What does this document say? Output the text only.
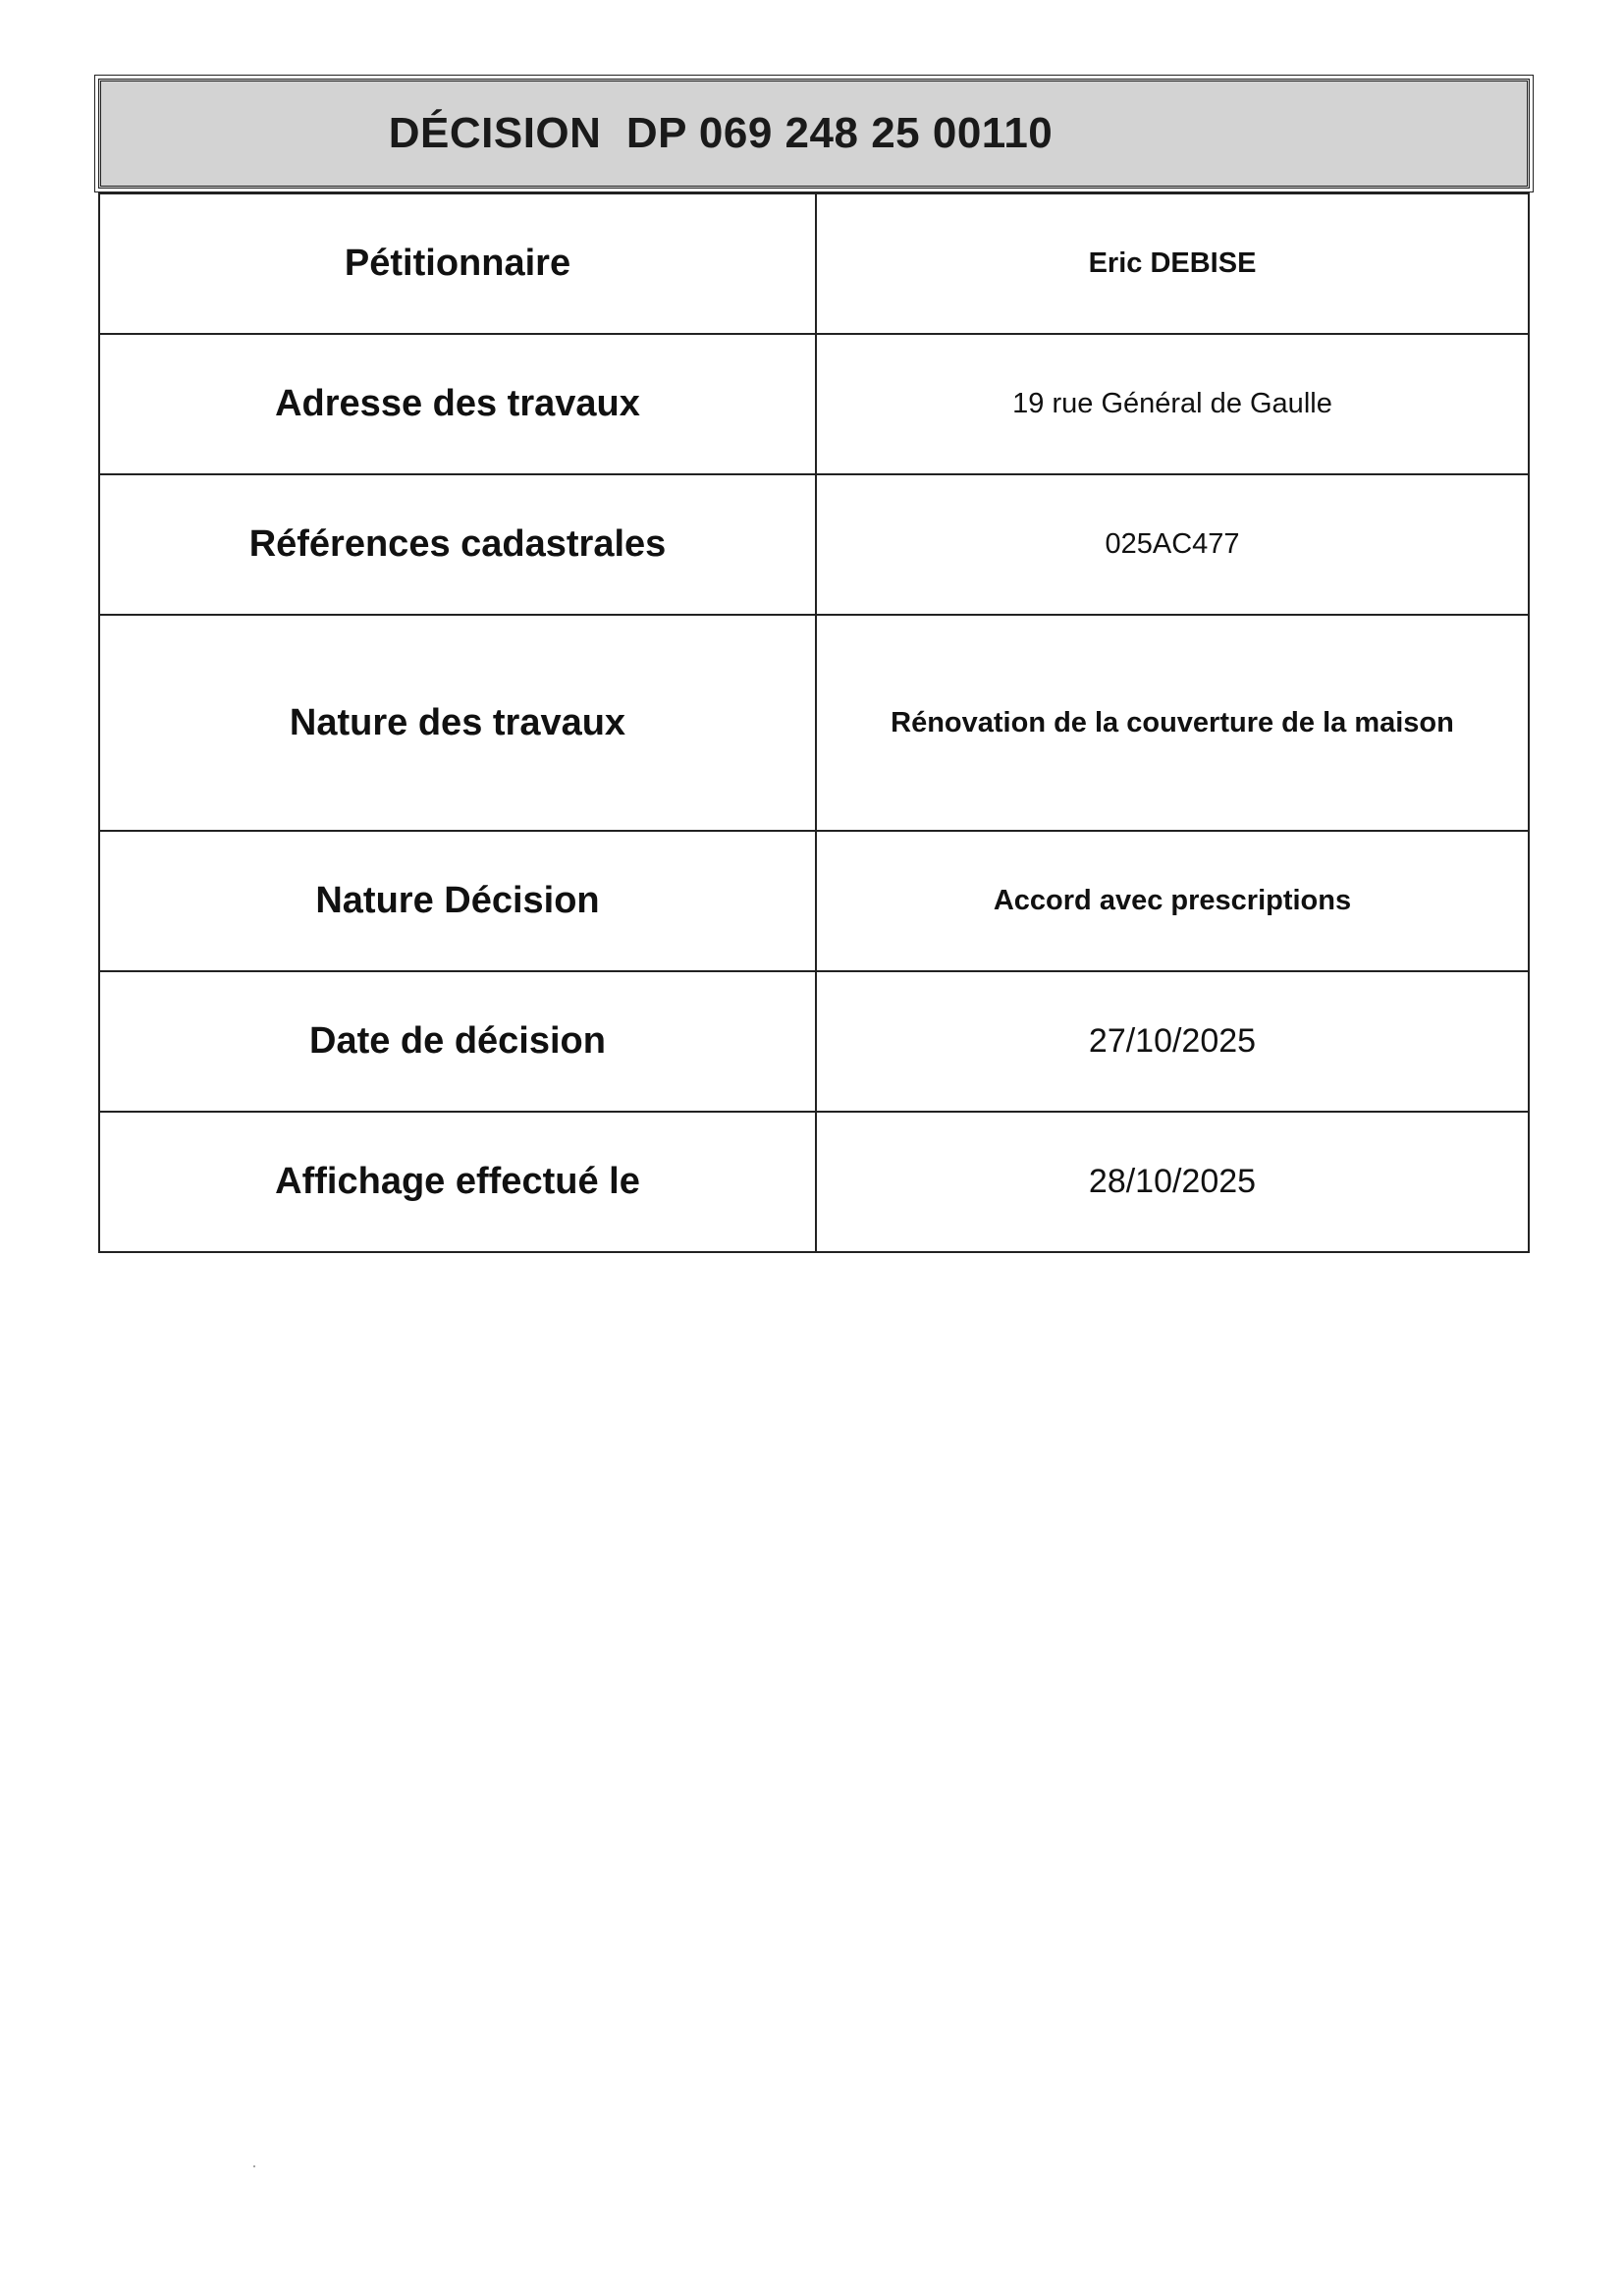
DÉCISION  DP 069 248 25 00110
Pétitionnaire	Eric DEBISE
Adresse des travaux	19 rue Général de Gaulle
Références cadastrales	025AC477
Nature des travaux	Rénovation de la couverture de la maison
Nature Décision	Accord avec prescriptions
Date de décision	27/10/2025
Affichage effectué le	28/10/2025
